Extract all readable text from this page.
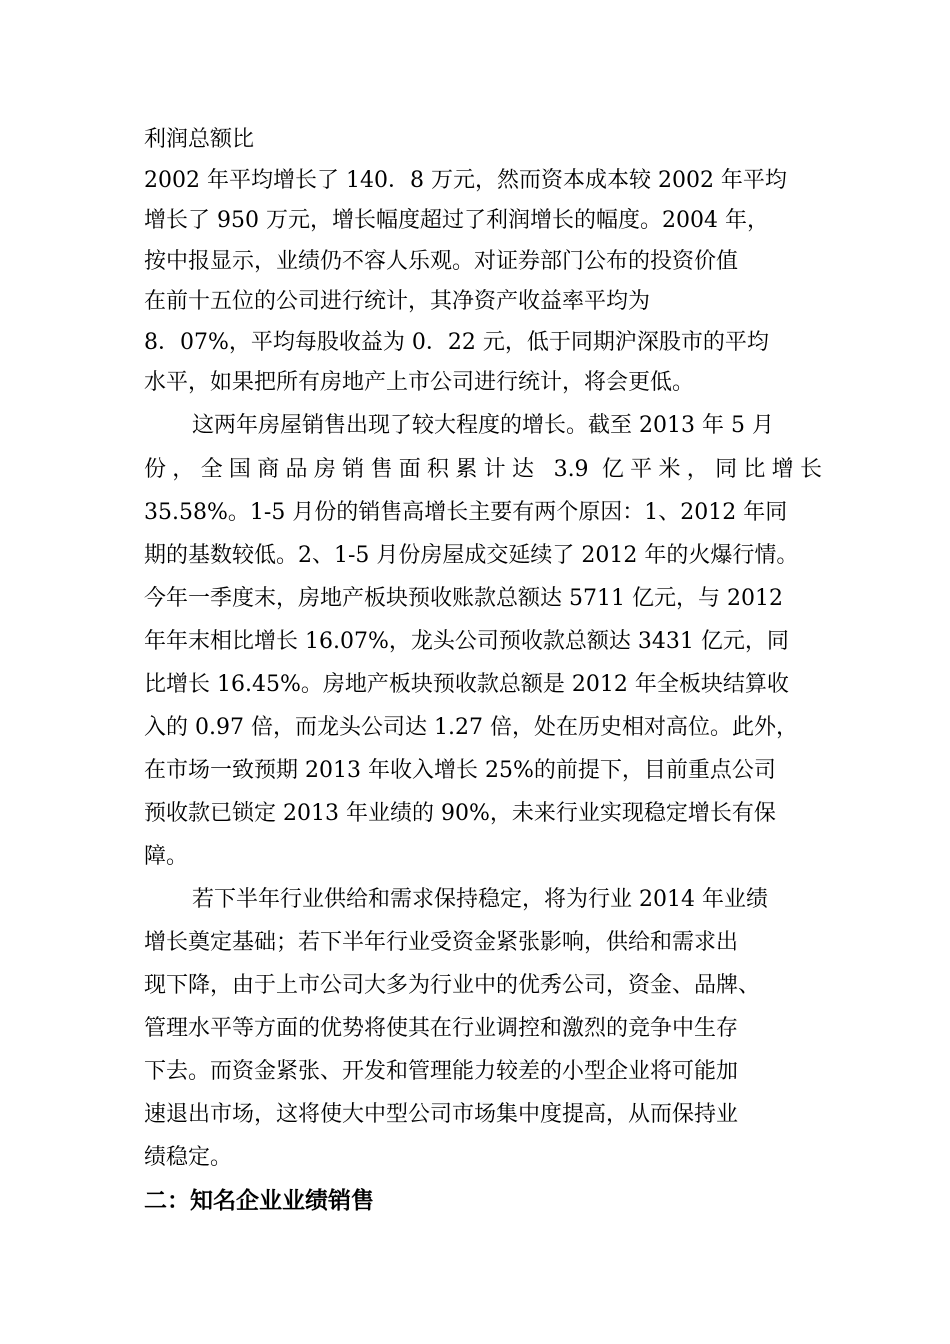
利润总额比
2002 年平均增长了 140．8 万元，然而资本成本较 2002 年平均
增长了 950 万元，增长幅度超过了利润增长的幅度。2004 年，
按中报显示，业绩仍不容人乐观。对证券部门公布的投资价值
在前十五位的公司进行统计，其净资产收益率平均为
8．07%，平均每股收益为 0．22 元，低于同期沪深股市的平均
水平，如果把所有房地产上市公司进行统计，将会更低。
这两年房屋销售出现了较大程度的增长。截至 2013 年 5 月
份，全国商品房销售面积累计达 3.9 亿平米，同比增长
35.58%。1-5 月份的销售高增长主要有两个原因：1、2012 年同
期的基数较低。2、1-5 月份房屋成交延续了 2012 年的火爆行情。
今年一季度末，房地产板块预收账款总额达 5711 亿元，与 2012
年年末相比增长 16.07%，龙头公司预收款总额达 3431 亿元，同
比增长 16.45%。房地产板块预收款总额是 2012 年全板块结算收
入的 0.97 倍，而龙头公司达 1.27 倍，处在历史相对高位。此外，
在市场一致预期 2013 年收入增长 25%的前提下，目前重点公司
预收款已锁定 2013 年业绩的 90%，未来行业实现稳定增长有保
障。
若下半年行业供给和需求保持稳定，将为行业 2014 年业绩
增长奠定基础；若下半年行业受资金紧张影响，供给和需求出
现下降，由于上市公司大多为行业中的优秀公司，资金、品牌、
管理水平等方面的优势将使其在行业调控和激烈的竞争中生存
下去。而资金紧张、开发和管理能力较差的小型企业将可能加
速退出市场，这将使大中型公司市场集中度提高，从而保持业
绩稳定。
二：知名企业业绩销售
